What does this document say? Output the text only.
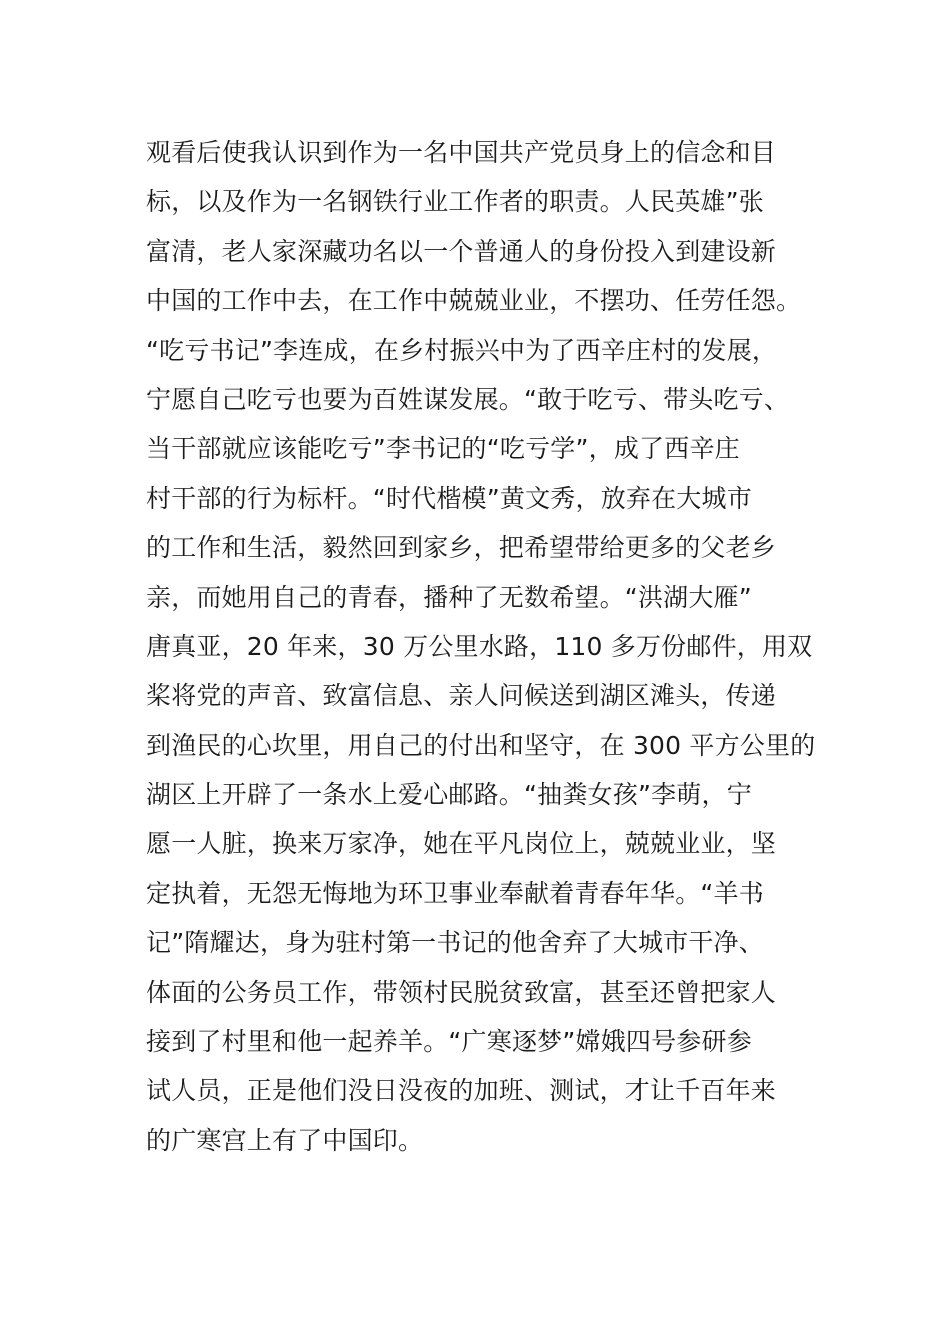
观看后使我认识到作为一名中国共产党员身上的信念和目
标，以及作为一名钢铁行业工作者的职责。人民英雄”张
富清，老人家深藏功名以一个普通人的身份投入到建设新
中国的工作中去，在工作中兢兢业业，不摆功、任劳任怨。
“吃亏书记”李连成，在乡村振兴中为了西辛庄村的发展，
宁愿自己吃亏也要为百姓谋发展。“敢于吃亏、带头吃亏、
当干部就应该能吃亏”李书记的“吃亏学”，成了西辛庄
村干部的行为标杆。“时代楷模”黄文秀，放弃在大城市
的工作和生活，毅然回到家乡，把希望带给更多的父老乡
亲，而她用自己的青春，播种了无数希望。“洪湖大雁”
唐真亚，20 年来，30 万公里水路，110 多万份邮件，用双
桨将党的声音、致富信息、亲人问候送到湖区滩头，传递
到渔民的心坎里，用自己的付出和坚守，在 300 平方公里的
湖区上开辟了一条水上爱心邮路。“抽粪女孩”李萌，宁
愿一人脏，换来万家净，她在平凡岗位上，兢兢业业，坚
定执着，无怨无悔地为环卫事业奉献着青春年华。“羊书
记”隋耀达，身为驻村第一书记的他舍弃了大城市干净、
体面的公务员工作，带领村民脱贫致富，甚至还曾把家人
接到了村里和他一起养羊。“广寒逐梦”嫦娥四号参研参
试人员，正是他们没日没夜的加班、测试，才让千百年来
的广寒宫上有了中国印。
